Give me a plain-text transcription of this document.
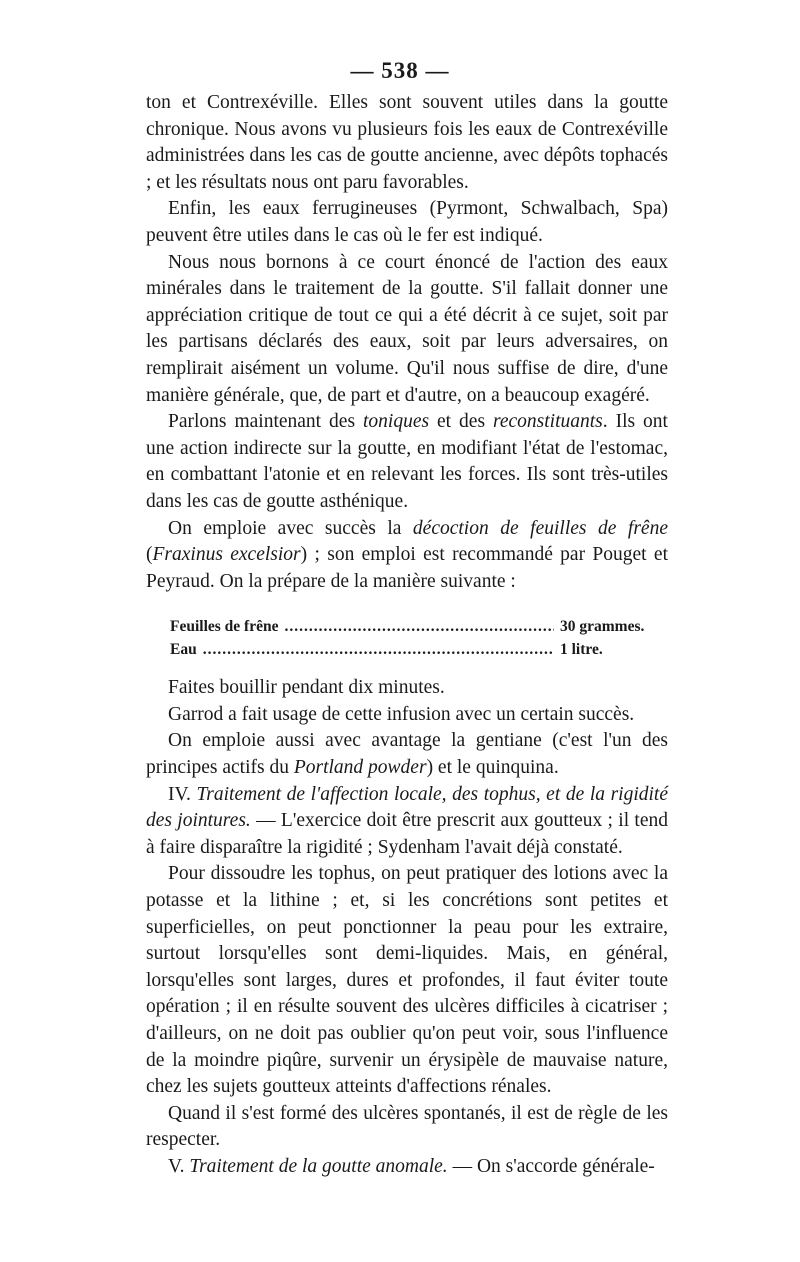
— 538 —

ton et Contrexéville. Elles sont souvent utiles dans la goutte chronique. Nous avons vu plusieurs fois les eaux de Contrexéville administrées dans les cas de goutte ancienne, avec dépôts tophacés ; et les résultats nous ont paru favorables.

Enfin, les eaux ferrugineuses (Pyrmont, Schwalbach, Spa) peuvent être utiles dans le cas où le fer est indiqué.

Nous nous bornons à ce court énoncé de l'action des eaux minérales dans le traitement de la goutte. S'il fallait donner une appréciation critique de tout ce qui a été décrit à ce sujet, soit par les partisans déclarés des eaux, soit par leurs adversaires, on remplirait aisément un volume. Qu'il nous suffise de dire, d'une manière générale, que, de part et d'autre, on a beaucoup exagéré.

Parlons maintenant des toniques et des reconstituants. Ils ont une action indirecte sur la goutte, en modifiant l'état de l'estomac, en combattant l'atonie et en relevant les forces. Ils sont très-utiles dans les cas de goutte asthénique.

On emploie avec succès la décoction de feuilles de frêne (Fraxinus excelsior) ; son emploi est recommandé par Pouget et Peyraud. On la prépare de la manière suivante :

Feuilles de frêne .....	30 grammes.
Eau .....	1 litre.

Faites bouillir pendant dix minutes.

Garrod a fait usage de cette infusion avec un certain succès.

On emploie aussi avec avantage la gentiane (c'est l'un des principes actifs du Portland powder) et le quinquina.

IV. Traitement de l'affection locale, des tophus, et de la rigidité des jointures. — L'exercice doit être prescrit aux goutteux ; il tend à faire disparaître la rigidité ; Sydenham l'avait déjà constaté.

Pour dissoudre les tophus, on peut pratiquer des lotions avec la potasse et la lithine ; et, si les concrétions sont petites et superficielles, on peut ponctionner la peau pour les extraire, surtout lorsqu'elles sont demi-liquides. Mais, en général, lorsqu'elles sont larges, dures et profondes, il faut éviter toute opération ; il en résulte souvent des ulcères difficiles à cicatriser ; d'ailleurs, on ne doit pas oublier qu'on peut voir, sous l'influence de la moindre piqûre, survenir un érysipèle de mauvaise nature, chez les sujets goutteux atteints d'affections rénales.

Quand il s'est formé des ulcères spontanés, il est de règle de les respecter.

V. Traitement de la goutte anomale. — On s'accorde générale-
